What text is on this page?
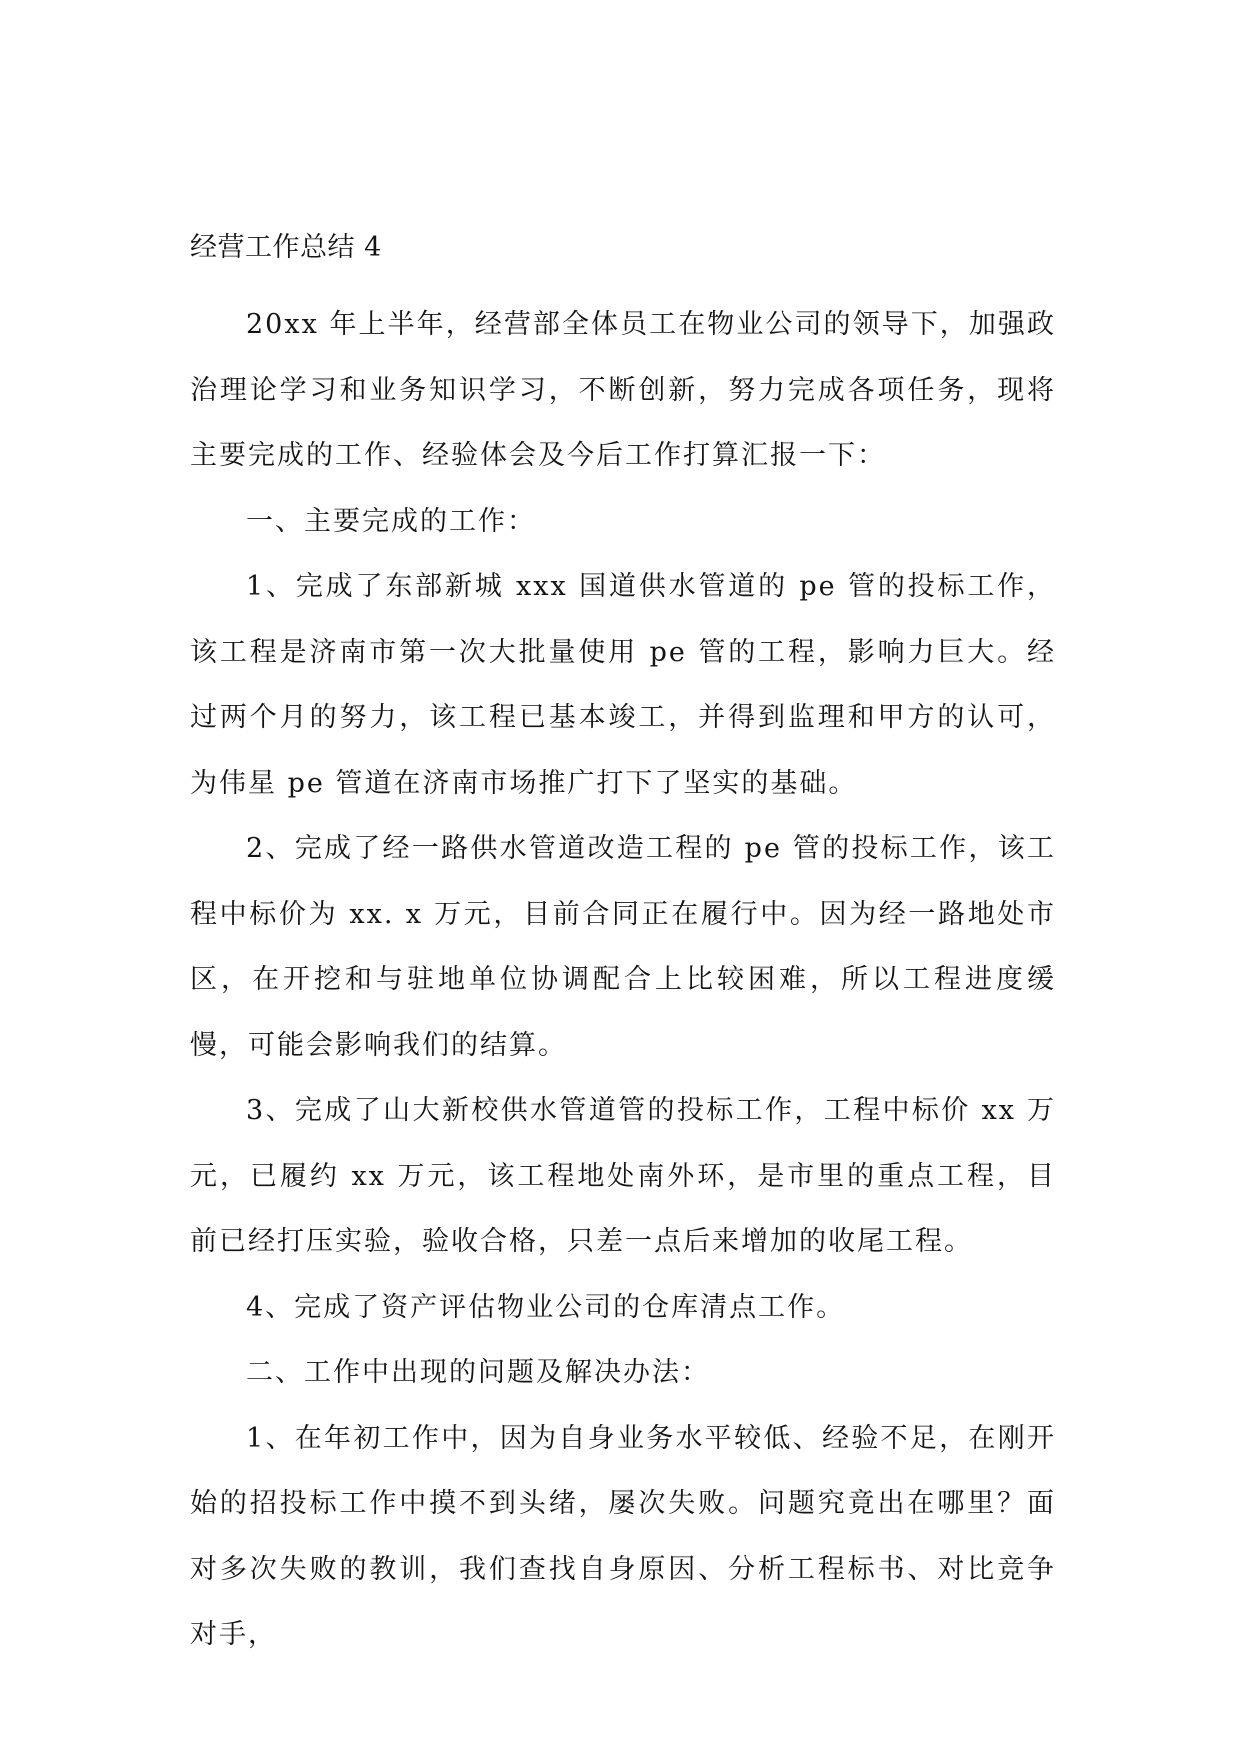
经营工作总结 4

20xx 年上半年，经营部全体员工在物业公司的领导下，加强政治理论学习和业务知识学习，不断创新，努力完成各项任务，现将主要完成的工作、经验体会及今后工作打算汇报一下：

一、主要完成的工作：

1、完成了东部新城 xxx 国道供水管道的 pe 管的投标工作，该工程是济南市第一次大批量使用 pe 管的工程，影响力巨大。经过两个月的努力，该工程已基本竣工，并得到监理和甲方的认可，为伟星 pe 管道在济南市场推广打下了坚实的基础。

2、完成了经一路供水管道改造工程的 pe 管的投标工作，该工程中标价为 xx. x 万元，目前合同正在履行中。因为经一路地处市区，在开挖和与驻地单位协调配合上比较困难，所以工程进度缓慢，可能会影响我们的结算。

3、完成了山大新校供水管道管的投标工作，工程中标价 xx 万元，已履约 xx 万元，该工程地处南外环，是市里的重点工程，目前已经打压实验，验收合格，只差一点后来增加的收尾工程。

4、完成了资产评估物业公司的仓库清点工作。

二、工作中出现的问题及解决办法：

1、在年初工作中，因为自身业务水平较低、经验不足，在刚开始的招投标工作中摸不到头绪，屡次失败。问题究竟出在哪里？面对多次失败的教训，我们查找自身原因、分析工程标书、对比竞争对手，
